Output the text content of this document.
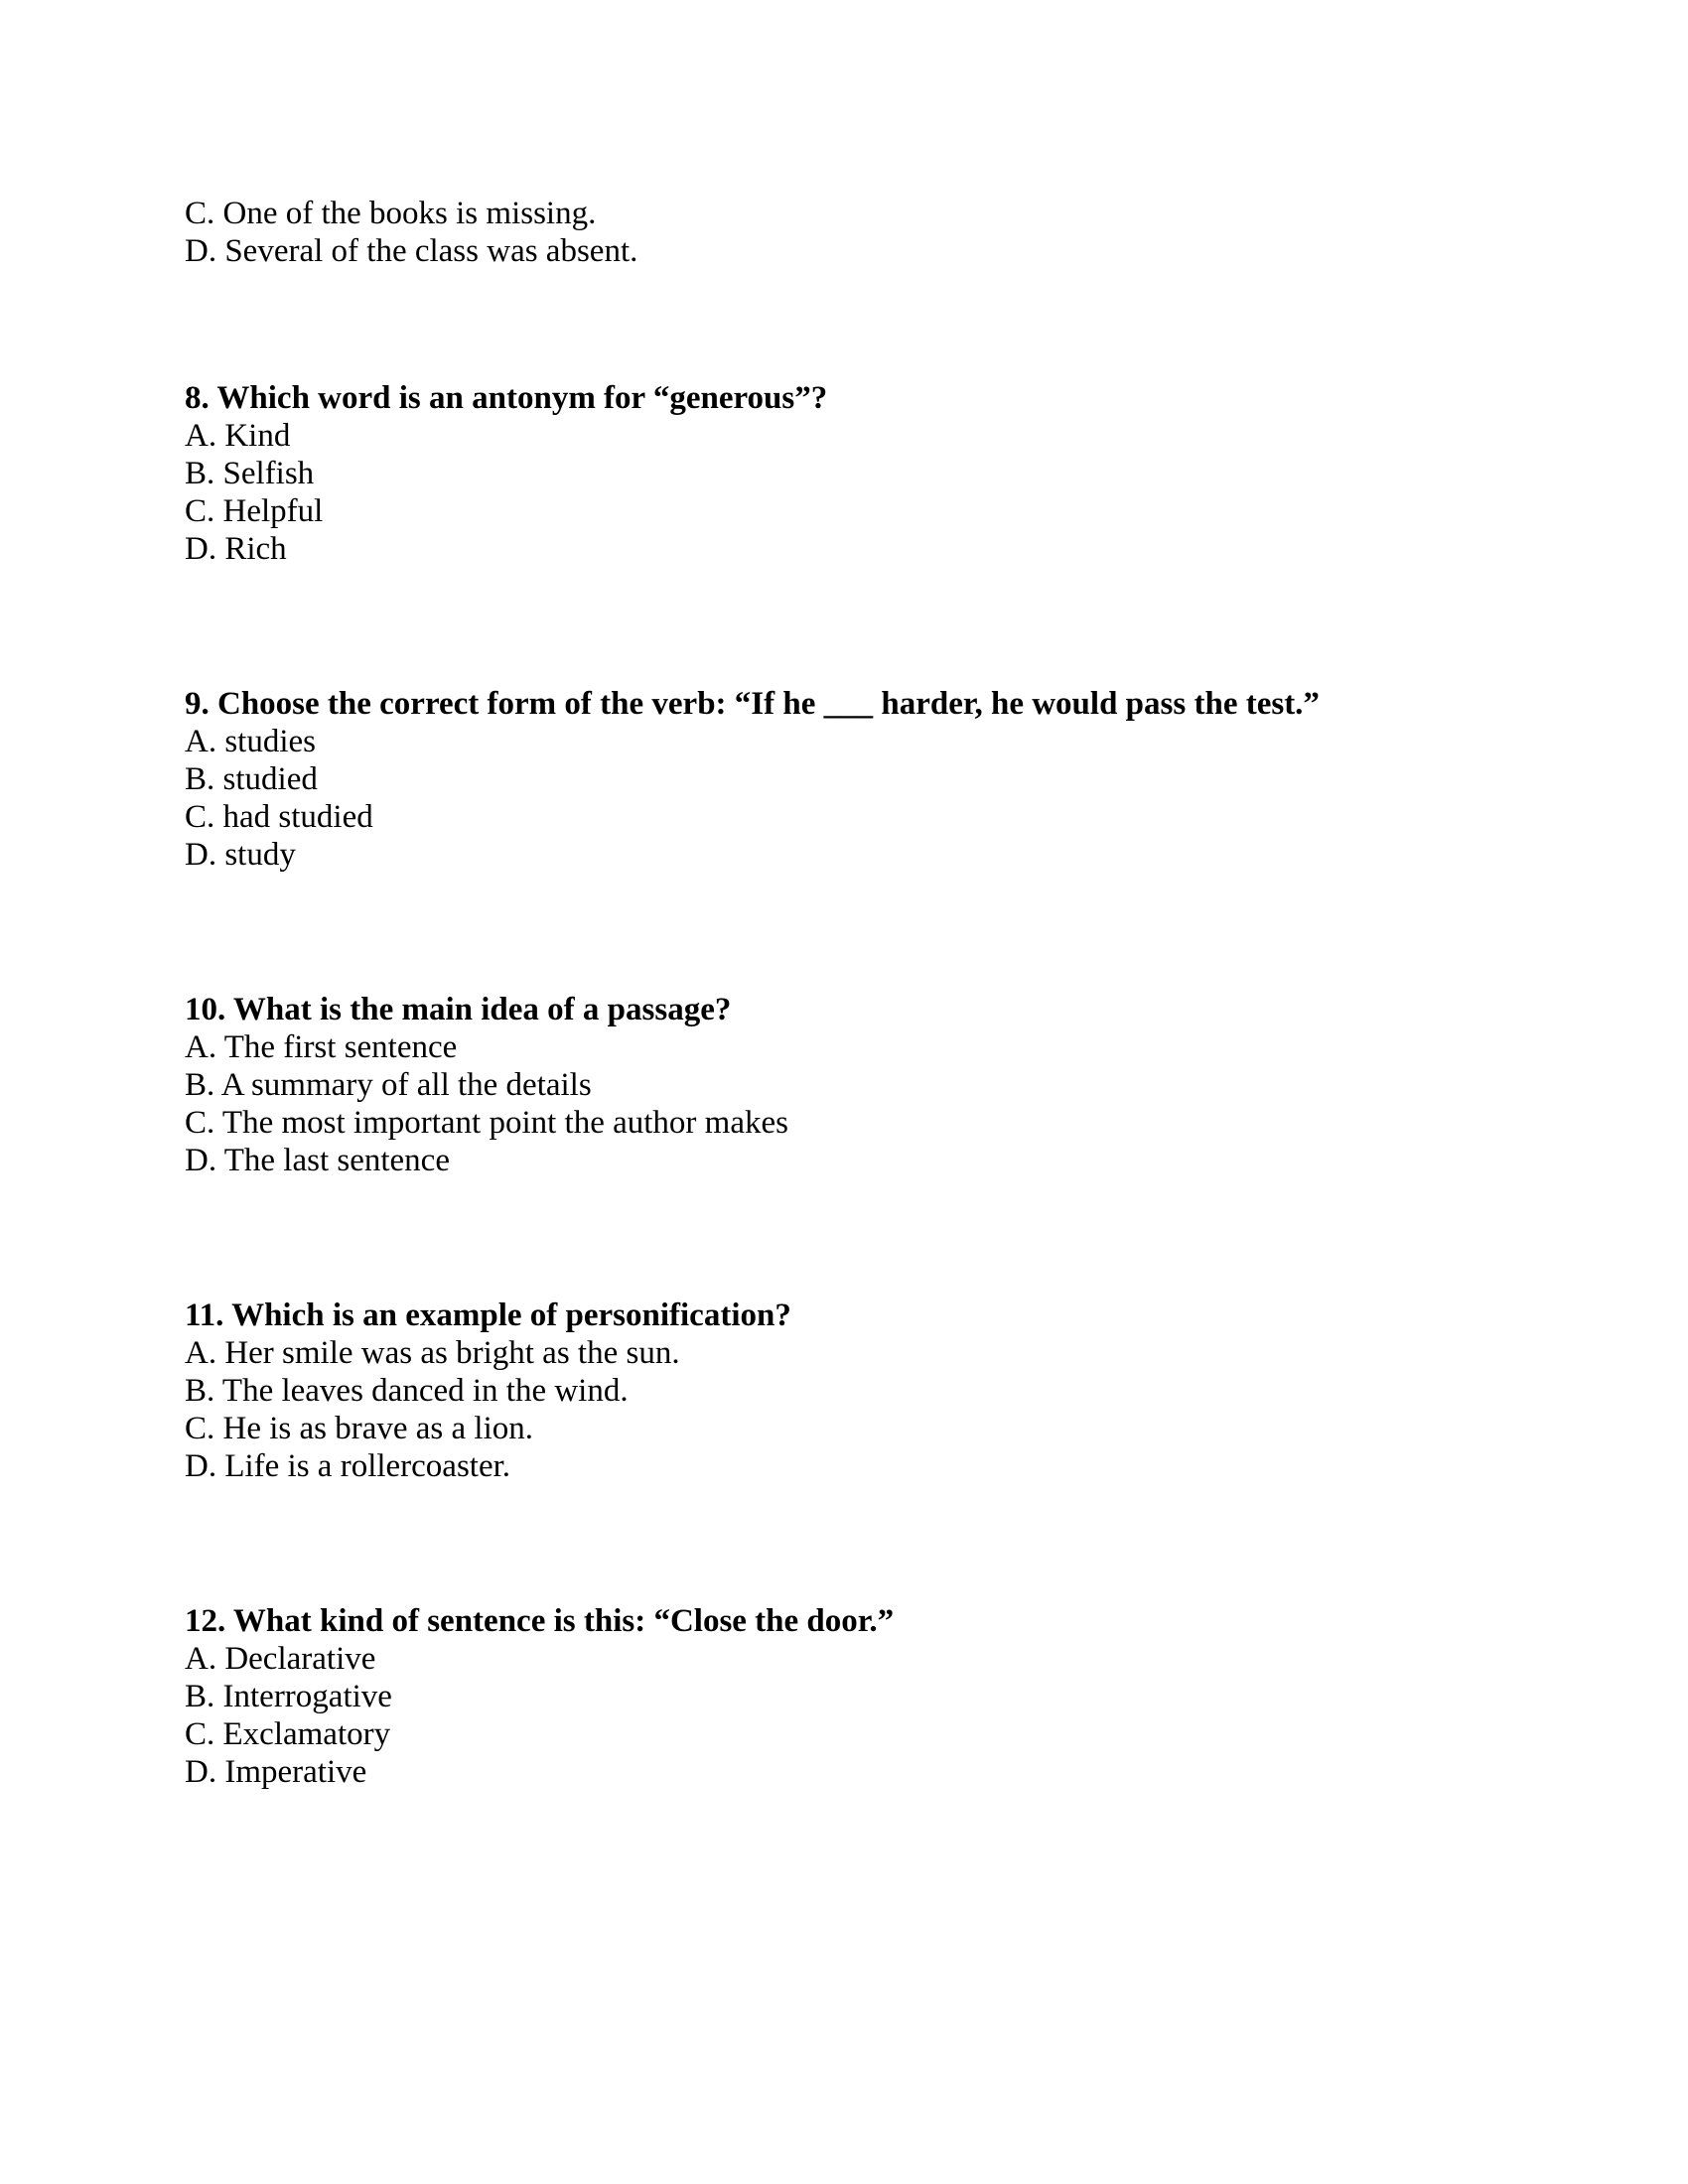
C. One of the books is missing.

D. Several of the class was absent.

8. Which word is an antonym for “generous”?

A. Kind

B. Selfish

C. Helpful

D. Rich

9. Choose the correct form of the verb: “If he ___ harder, he would pass the test.”

A. studies

B. studied

C. had studied

D. study

10. What is the main idea of a passage?

A. The first sentence

B. A summary of all the details

C. The most important point the author makes

D. The last sentence

11. Which is an example of personification?

A. Her smile was as bright as the sun.

B. The leaves danced in the wind.

C. He is as brave as a lion.

D. Life is a rollercoaster.

12. What kind of sentence is this: “Close the door.”

A. Declarative

B. Interrogative

C. Exclamatory

D. Imperative
